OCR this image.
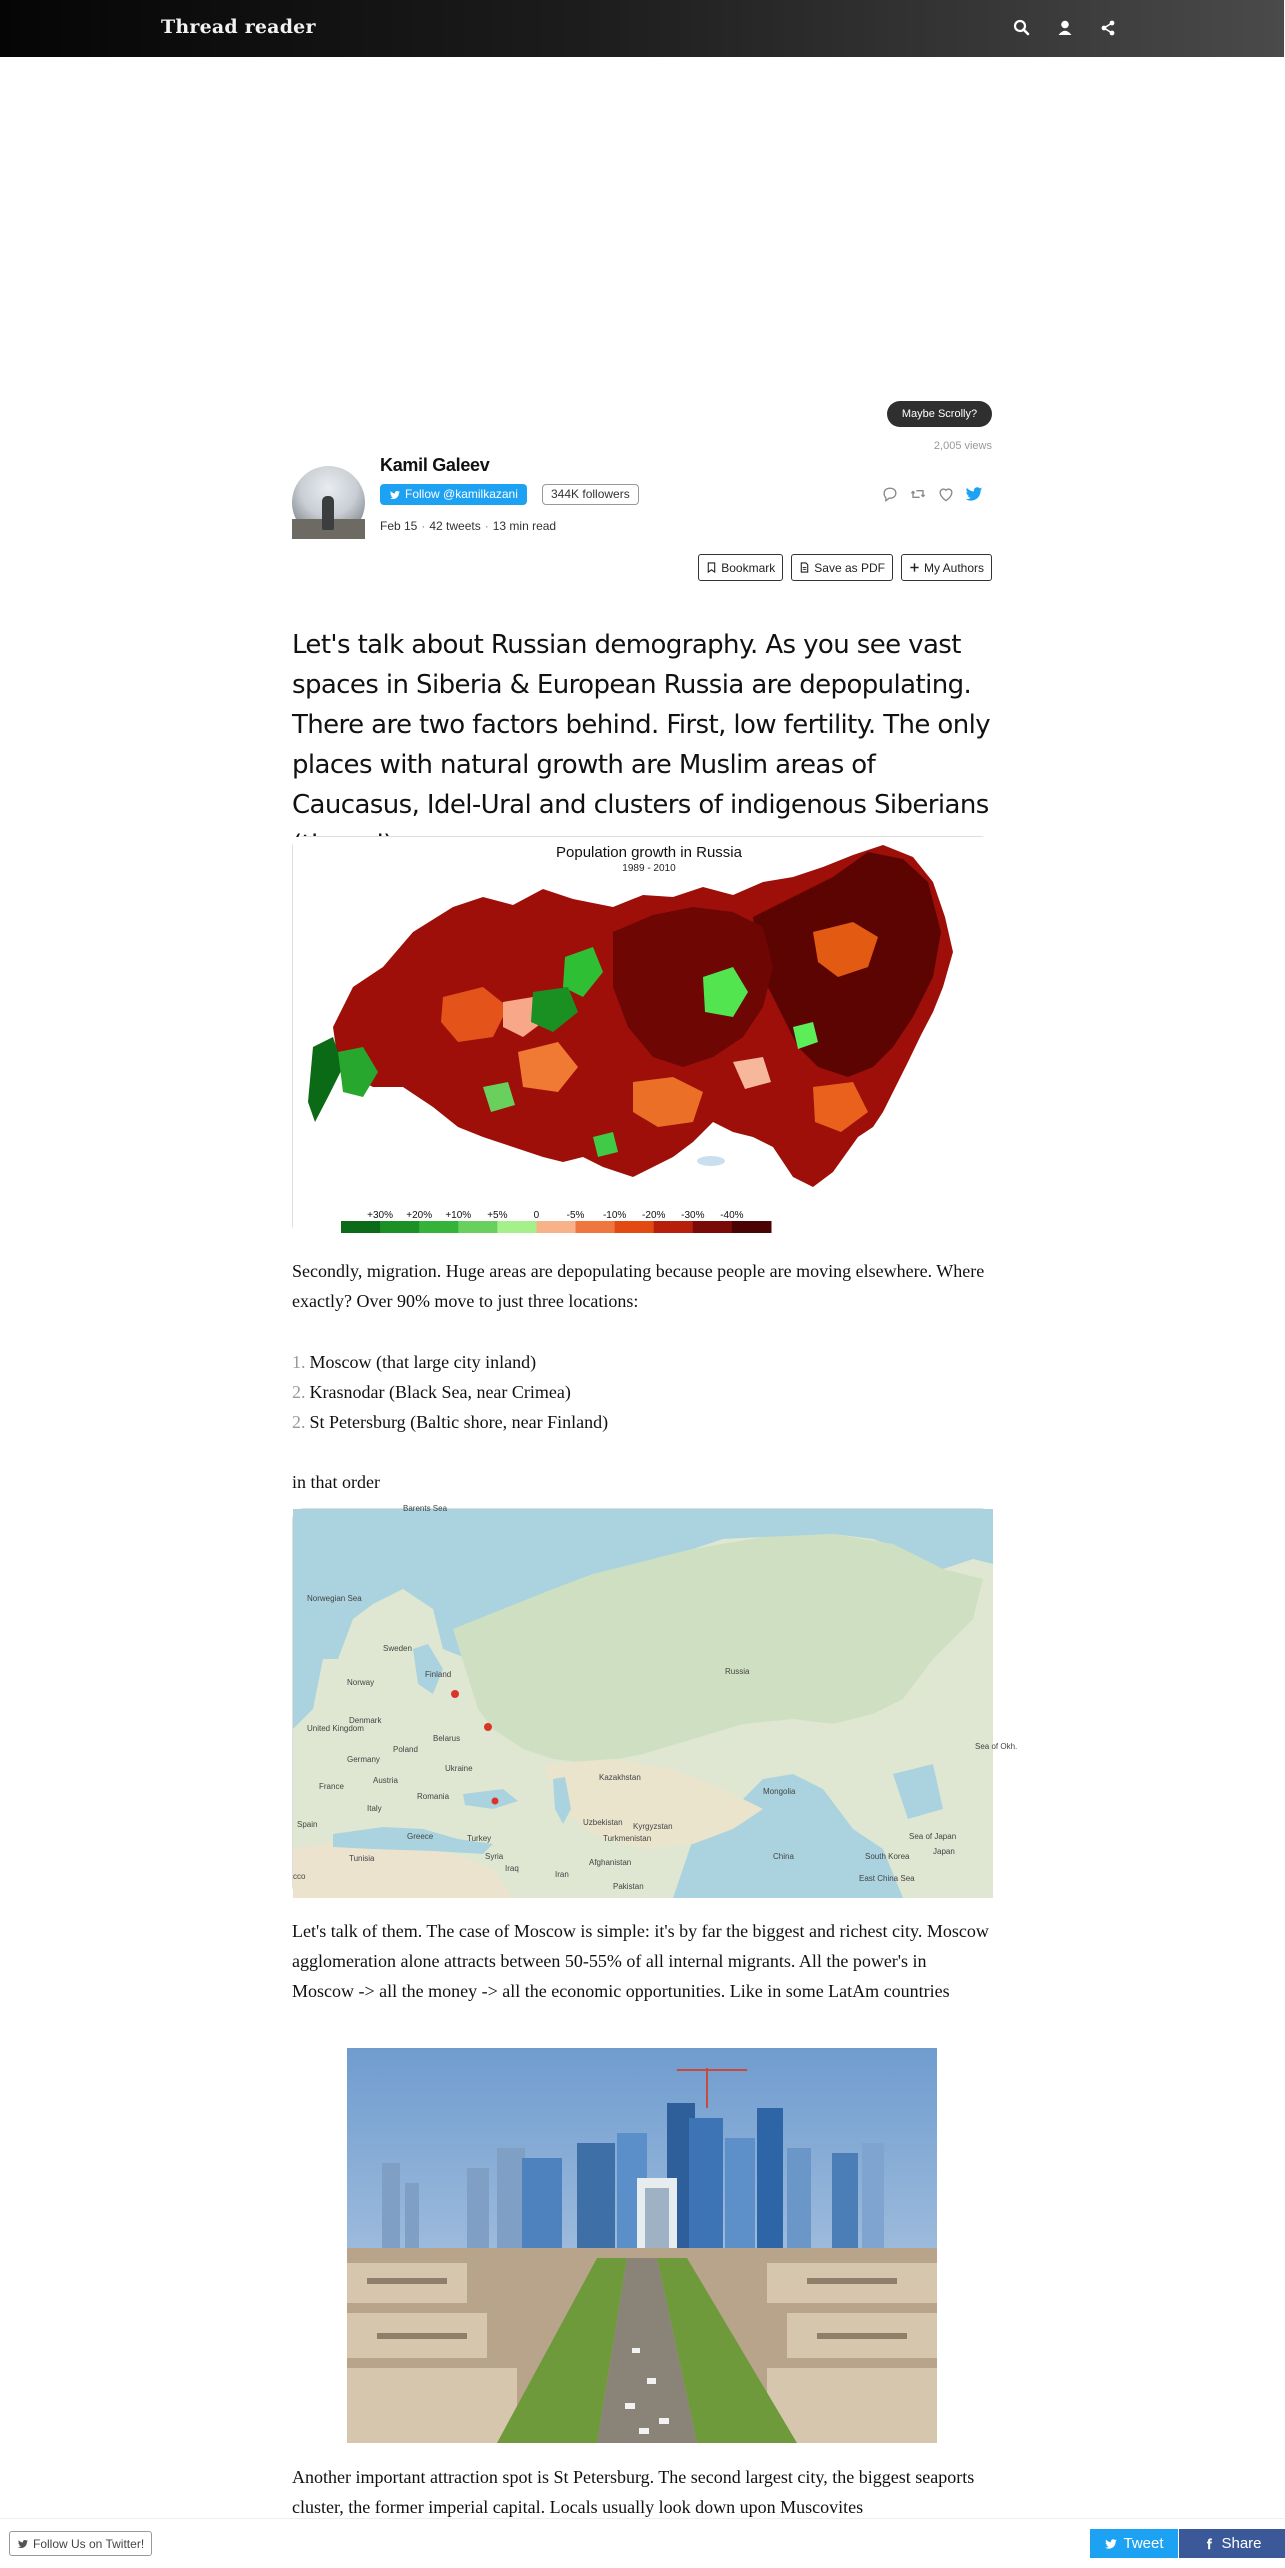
Thread reader
Maybe Scrolly?
2,005 views
Kamil Galeev
Follow @kamilkazani	344K followers
Feb 15 · 42 tweets · 13 min read
Bookmark	Save as PDF	My Authors
Let's talk about Russian demography. As you see vast spaces in Siberia & European Russia are depopulating. There are two factors behind. First, low fertility. The only places with natural growth are Muslim areas of Caucasus, Idel-Ural and clusters of indigenous Siberians
Population growth in Russia
1989 - 2010
+30% +20% +10% +5%	0	-5% -10% -20% -30% -40%
Secondly, migration. Huge areas are depopulating because people are moving elsewhere. Where exactly? Over 90% move to just three locations:
1. Moscow (that large city inland)
2. Krasnodar (Black Sea, near Crimea)
2. St Petersburg (Baltic shore, near Finland)
in that order
Barents Sea
Norwegian Sea
Sweden
Finland
Norway
Denmark
United Kingdom
Belarus
Poland
Germany
France
Austria
Ukraine
Romania
Italy
Spain
Greece	Turkey
Syria
Iraq
Iran
Tunisia
cco
Russia
Kazakhstan
Mongolia
Uzbekistan Kyrgyzstan
Turkmenistan
Afghanistan
Pakistan
China	South Korea
Japan
Sea of Japan
East China Sea
Sea of Okh.
Let's talk of them. The case of Moscow is simple: it's by far the biggest and richest city. Moscow agglomeration alone attracts between 50-55% of all internal migrants. All the power's in Moscow -> all the money -> all the economic opportunities. Like in some LatAm countries
Another important attraction spot is St Petersburg. The second largest city, the biggest seaports cluster, the former imperial capital. Locals usually look down upon Muscovites
Follow Us on Twitter!	Tweet	Share
